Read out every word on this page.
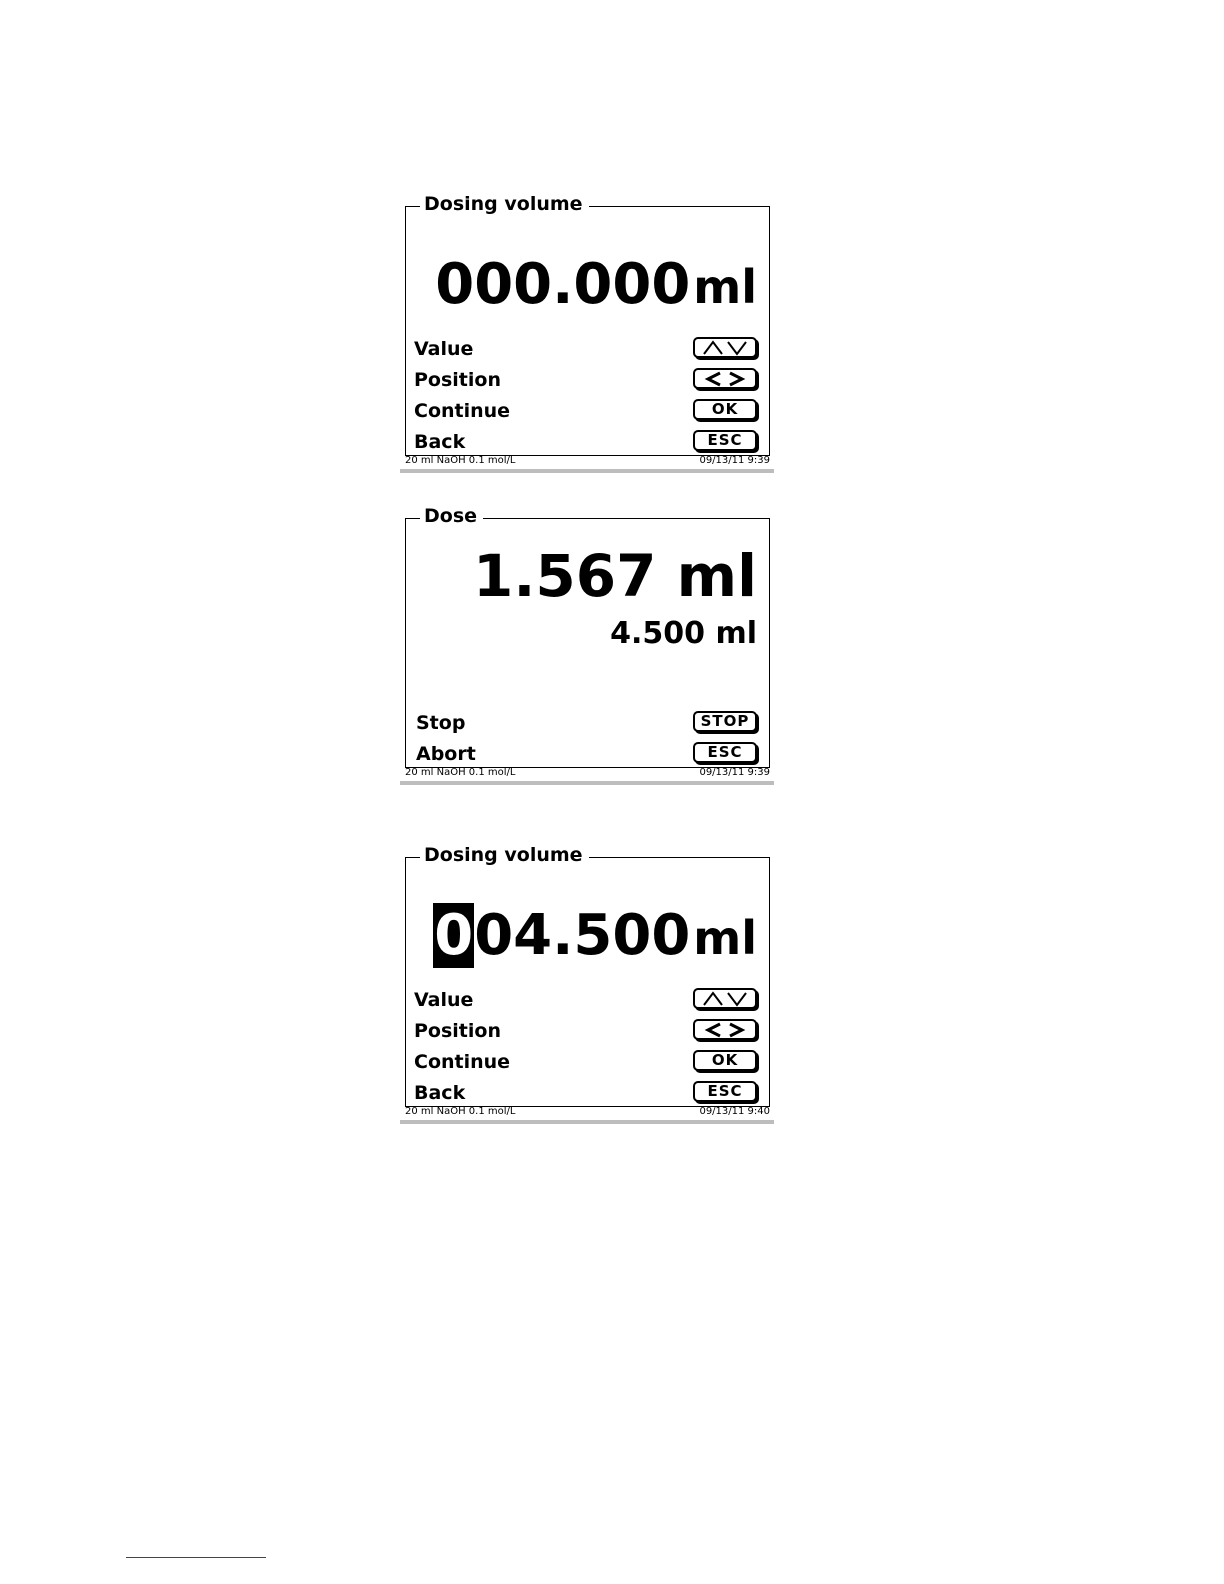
Dosing volume
000.000ml
Value
Position
Continue	OK
Back	ESC
20 ml NaOH 0.1 mol/L	09/13/11 9:39
Dose
1.567 ml
4.500 ml
Stop	STOP
Abort	ESC
20 ml NaOH 0.1 mol/L	09/13/11 9:39
Dosing volume
004.500ml
Value
Position
Continue	OK
Back	ESC
20 ml NaOH 0.1 mol/L	09/13/11 9:40
